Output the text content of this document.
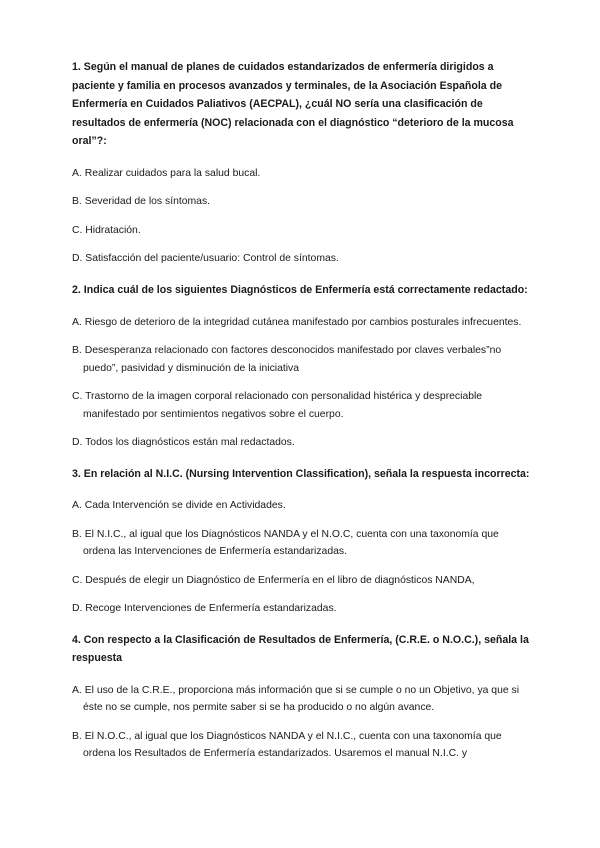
1. Según el manual de planes de cuidados estandarizados de enfermería dirigidos a paciente y familia en procesos avanzados y terminales, de la Asociación Española de Enfermería en Cuidados Paliativos (AECPAL), ¿cuál NO sería una clasificación de resultados de enfermería (NOC) relacionada con el diagnóstico “deterioro de la mucosa oral”?:

A. Realizar cuidados para la salud bucal.

B. Severidad de los síntomas.

C. Hidratación.

D. Satisfacción del paciente/usuario: Control de síntomas.

2. Indica cuál de los siguientes Diagnósticos de Enfermería está correctamente redactado:

A. Riesgo de deterioro de la integridad cutánea manifestado por cambios posturales infrecuentes.

B. Desesperanza relacionado con factores desconocidos manifestado por claves verbales”no puedo”, pasividad y disminución de la iniciativa

C. Trastorno de la imagen corporal relacionado con personalidad histérica y despreciable manifestado por sentimientos negativos sobre el cuerpo.

D. Todos los diagnósticos están mal redactados.

3. En relación al N.I.C. (Nursing Intervention Classification), señala la respuesta incorrecta:

A. Cada Intervención se divide en Actividades.

B. El N.I.C., al igual que los Diagnósticos NANDA y el N.O.C, cuenta con una taxonomía que ordena las Intervenciones de Enfermería estandarizadas.

C. Después de elegir un Diagnóstico de Enfermería en el libro de diagnósticos NANDA,

D. Recoge Intervenciones de Enfermería estandarizadas.

4. Con respecto a la Clasificación de Resultados de Enfermería, (C.R.E. o N.O.C.), señala la respuesta

A. El uso de la C.R.E., proporciona más información que si se cumple o no un Objetivo, ya que si éste no se cumple, nos permite saber si se ha producido o no algún avance.

B. El N.O.C., al igual que los Diagnósticos NANDA y el N.I.C., cuenta con una taxonomía que ordena los Resultados de Enfermería estandarizados. Usaremos el manual N.I.C. y
